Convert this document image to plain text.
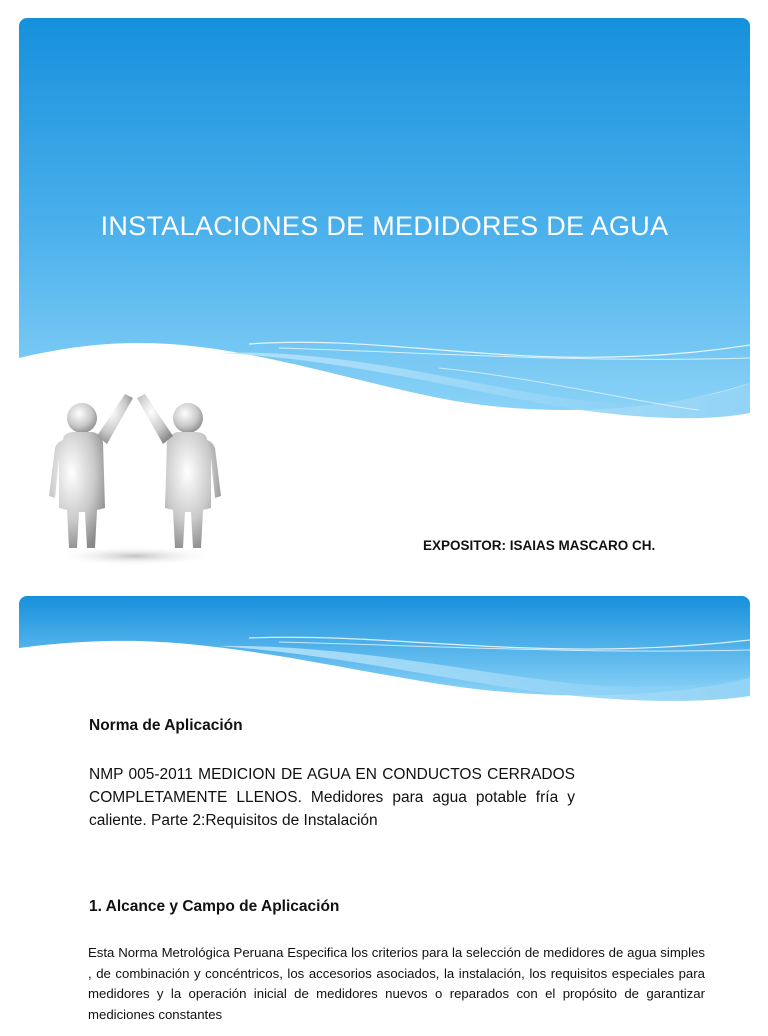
INSTALACIONES DE MEDIDORES DE AGUA
EXPOSITOR: ISAIAS MASCARO CH.
Norma de Aplicación
NMP 005-2011 MEDICION DE AGUA EN CONDUCTOS CERRADOS COMPLETAMENTE LLENOS. Medidores para agua potable fría y caliente. Parte 2:Requisitos de Instalación
1. Alcance y Campo de Aplicación
Esta Norma Metrológica Peruana Especifica los criterios para la selección de medidores de agua simples , de combinación y concéntricos, los accesorios asociados, la instalación, los requisitos especiales para medidores y la operación inicial de medidores nuevos o reparados con el propósito de garantizar mediciones constantes
